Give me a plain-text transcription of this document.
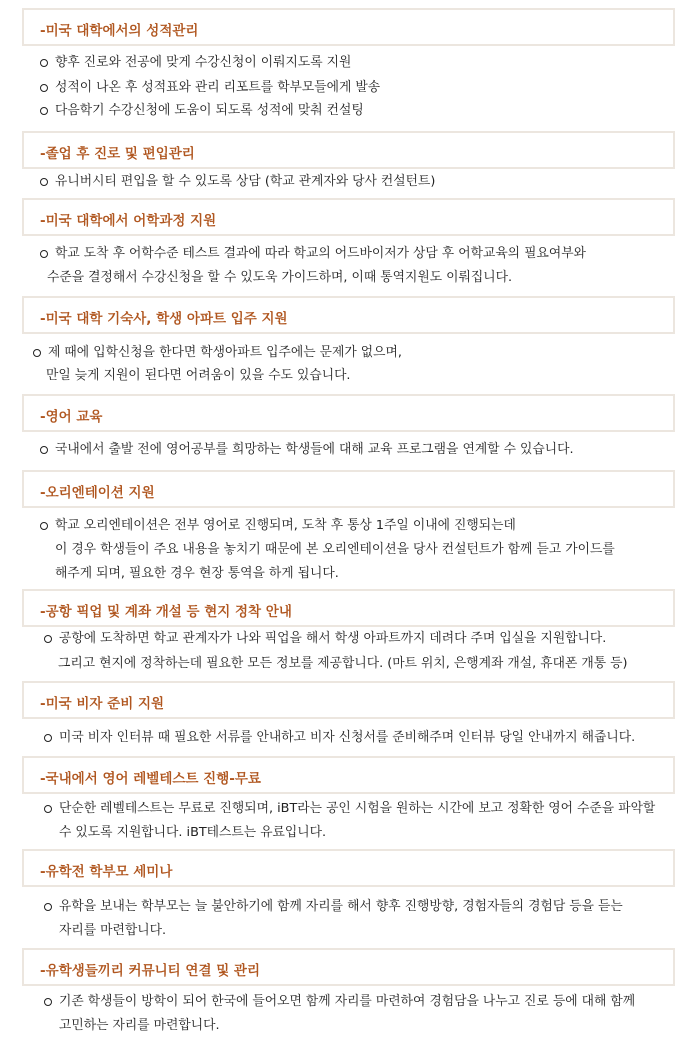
-미국 대학에서의 성적관리
향후 진로와 전공에 맞게 수강신청이 이뤄지도록 지원
성적이 나온 후 성적표와 관리 리포트를 학부모들에게 발송
다음학기 수강신청에 도움이 되도록 성적에 맞춰 컨설팅
-졸업 후 진로 및 편입관리
유니버시티 편입을 할 수 있도록 상담 (학교 관계자와 당사 컨설턴트)
-미국 대학에서 어학과정 지원
학교 도착 후 어학수준 테스트 결과에 따라 학교의 어드바이저가 상담 후 어학교육의 필요여부와
수준을 결정해서 수강신청을 할 수 있도욱 가이드하며, 이때 통역지원도 이뤄집니다.
-미국 대학 기숙사, 학생 아파트 입주 지원
제 때에 입학신청을 한다면 학생아파트 입주에는 문제가 없으며,
만일 늦게 지원이 된다면 어려움이 있을 수도 있습니다.
-영어 교육
국내에서 출발 전에 영어공부를 희망하는 학생들에 대해 교육 프로그램을 연계할 수 있습니다.
-오리엔테이션 지원
학교 오리엔테이션은 전부 영어로 진행되며, 도착 후 통상 1주일 이내에 진행되는데
이 경우 학생들이 주요 내용을 놓치기 때문에 본 오리엔테이션을 당사 컨설턴트가 함께 듣고 가이드를
해주게 되며, 필요한 경우 현장 통역을 하게 됩니다.
-공항 픽업 및 계좌 개설 등 현지 정착 안내
공항에 도착하면 학교 관계자가 나와 픽업을 해서 학생 아파트까지 데려다 주며 입실을 지원합니다.
그리고 현지에 정착하는데 필요한 모든 정보를 제공합니다. (마트 위치, 은행계좌 개설, 휴대폰 개통 등)
-미국 비자 준비 지원
미국 비자 인터뷰 때 필요한 서류를 안내하고 비자 신청서를 준비해주며 인터뷰 당일 안내까지 해줍니다.
-국내에서 영어 레벨테스트 진행-무료
단순한 레벨테스트는 무료로 진행되며, iBT라는 공인 시험을 원하는 시간에 보고 정확한 영어 수준을 파악할
수 있도록 지원합니다. iBT테스트는 유료입니다.
-유학전 학부모 세미나
유학을 보내는 학부모는 늘 불안하기에 함께 자리를 해서 향후 진행방향, 경험자들의 경험담 등을 듣는
자리를 마련합니다.
-유학생들끼리 커뮤니티 연결 및 관리
기존 학생들이 방학이 되어 한국에 들어오면 함께 자리를 마련하여 경험담을 나누고 진로 등에 대해 함께
고민하는 자리를 마련합니다.
